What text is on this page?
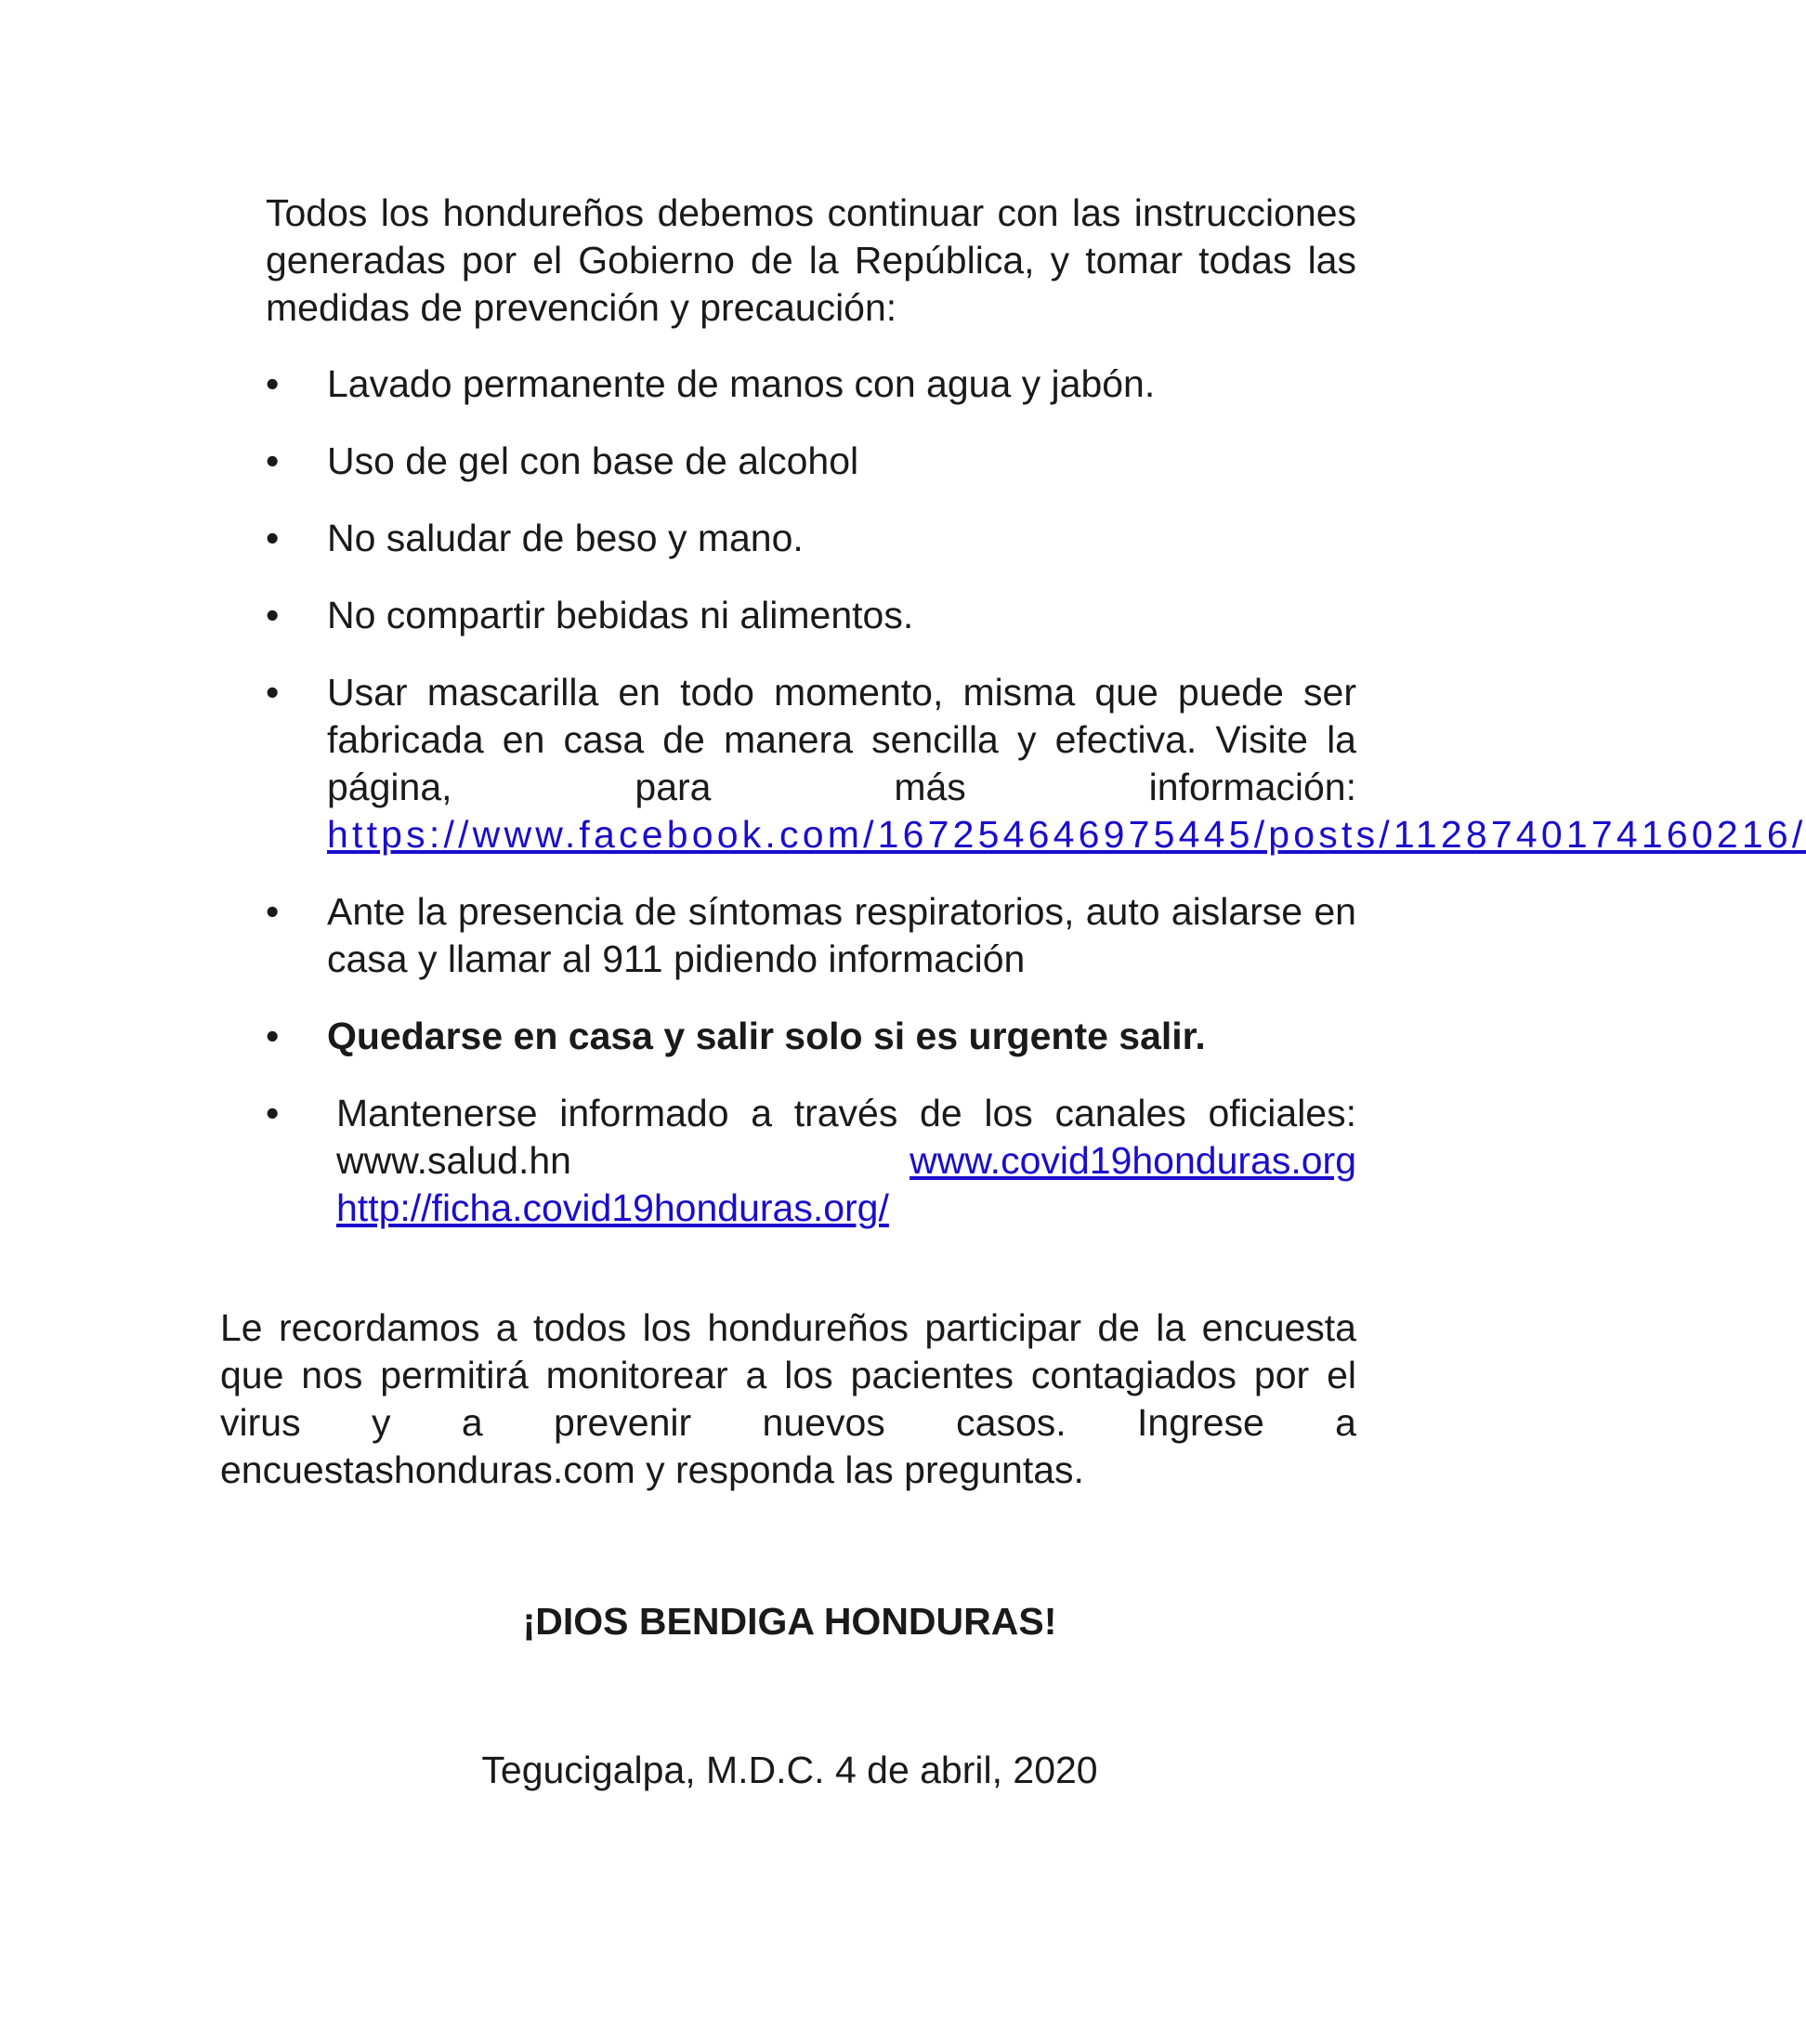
Todos los hondureños debemos continuar con las instrucciones generadas por el Gobierno de la República, y tomar todas las medidas de prevención y precaución:

• Lavado permanente de manos con agua y jabón.
• Uso de gel con base de alcohol
• No saludar de beso y mano.
• No compartir bebidas ni alimentos.
• Usar mascarilla en todo momento, misma que puede ser fabricada en casa de manera sencilla y efectiva. Visite la página, para más información: https://www.facebook.com/167254646975445/posts/1128740174160216/
• Ante la presencia de síntomas respiratorios, auto aislarse en casa y llamar al 911 pidiendo información
• Quedarse en casa y salir solo si es urgente salir.
• Mantenerse informado a través de los canales oficiales: www.salud.hn www.covid19honduras.org http://ficha.covid19honduras.org/

Le recordamos a todos los hondureños participar de la encuesta que nos permitirá monitorear a los pacientes contagiados por el virus y a prevenir nuevos casos. Ingrese a encuestashonduras.com y responda las preguntas.

¡DIOS BENDIGA HONDURAS!

Tegucigalpa, M.D.C. 4 de abril, 2020
